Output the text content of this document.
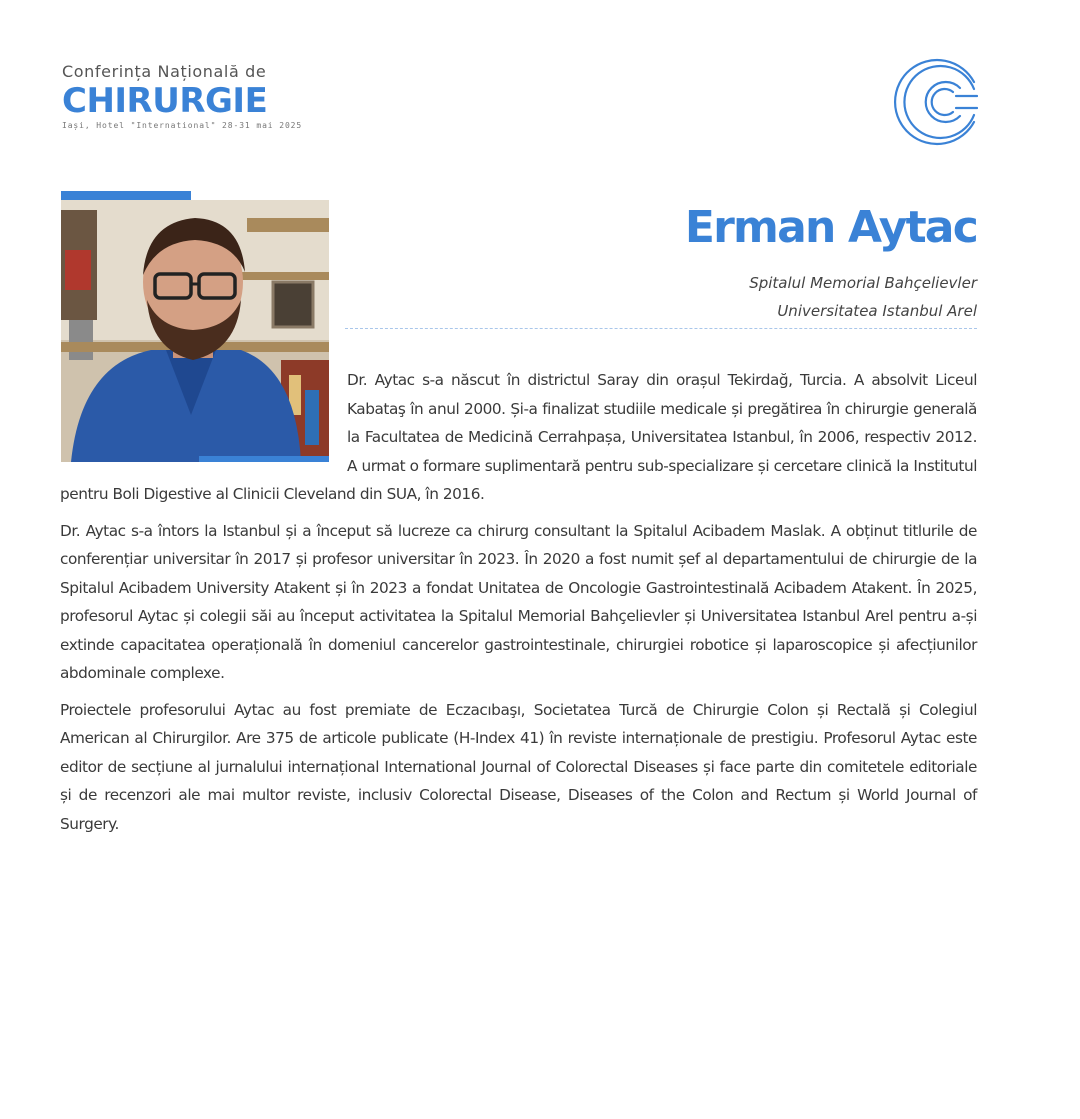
Conferința Națională de
CHIRURGIE
Iași, Hotel "International" 28-31 mai 2025
Erman Aytac
Spitalul Memorial Bahçelievler
Universitatea Istanbul Arel

Dr. Aytac s-a născut în districtul Saray din orașul Tekirdağ, Turcia. A absolvit Liceul Kabataş în anul 2000. Și-a finalizat studiile medicale și pregătirea în chirurgie generală la Facultatea de Medicină Cerrahpașa, Universitatea Istanbul, în 2006, respectiv 2012. A urmat o formare suplimentară pentru sub-specializare și cercetare clinică la Institutul pentru Boli Digestive al Clinicii Cleveland din SUA, în 2016.

Dr. Aytac s-a întors la Istanbul și a început să lucreze ca chirurg consultant la Spitalul Acibadem Maslak. A obținut titlurile de conferențiar universitar în 2017 și profesor universitar în 2023. În 2020 a fost numit șef al departamentului de chirurgie de la Spitalul Acibadem University Atakent și în 2023 a fondat Unitatea de Oncologie Gastrointestinală Acibadem Atakent. În 2025, profesorul Aytac și colegii săi au început activitatea la Spitalul Memorial Bahçelievler și Universitatea Istanbul Arel pentru a-și extinde capacitatea operațională în domeniul cancerelor gastrointestinale, chirurgiei robotice și laparoscopice și afecțiunilor abdominale complexe.

Proiectele profesorului Aytac au fost premiate de Eczacıbaşı, Societatea Turcă de Chirurgie Colon și Rectală și Colegiul American al Chirurgilor. Are 375 de articole publicate (H-Index 41) în reviste internaționale de prestigiu. Profesorul Aytac este editor de secțiune al jurnalului internațional International Journal of Colorectal Diseases și face parte din comitetele editoriale și de recenzori ale mai multor reviste, inclusiv Colorectal Disease, Diseases of the Colon and Rectum și World Journal of Surgery.
